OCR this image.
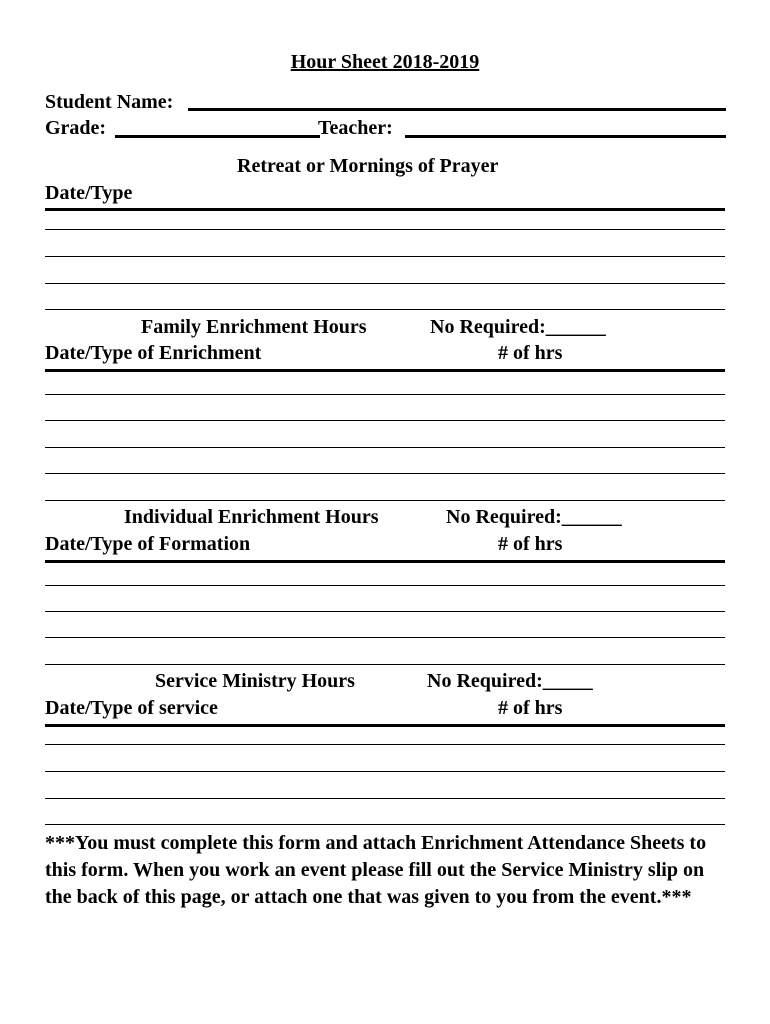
Hour Sheet 2018-2019
Student Name:
Grade:	Teacher:
Retreat or Mornings of Prayer
Date/Type
Family Enrichment Hours	No Required:______
Date/Type of Enrichment	# of hrs
Individual Enrichment Hours	No Required:______
Date/Type of Formation	# of hrs
Service Ministry Hours	No Required:_____
Date/Type of service	# of hrs
***You must complete this form and attach Enrichment Attendance Sheets to this form. When you work an event please fill out the Service Ministry slip on the back of this page, or attach one that was given to you from the event.***
